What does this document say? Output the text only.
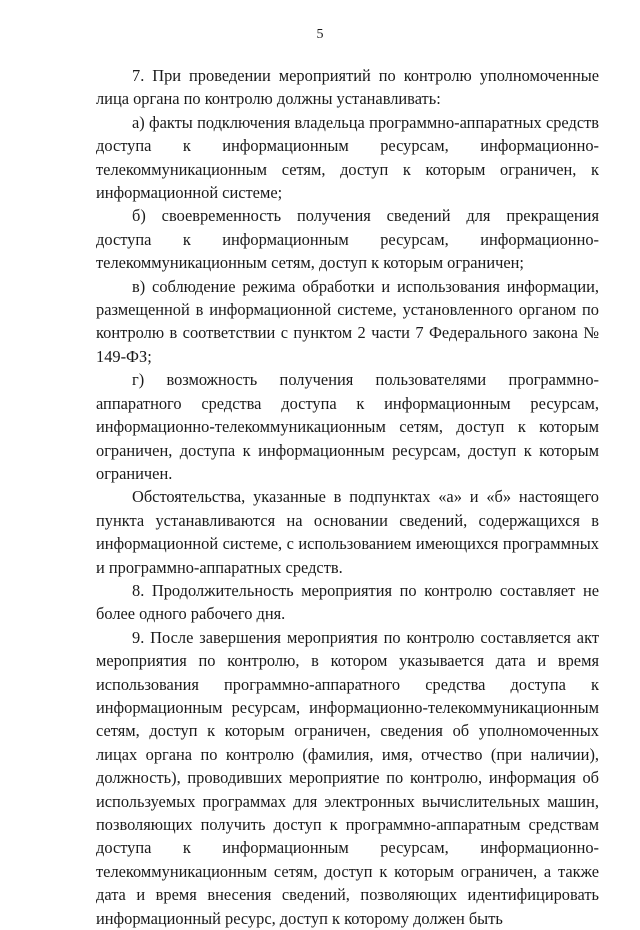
5

7. При проведении мероприятий по контролю уполномоченные лица органа по контролю должны устанавливать:

а) факты подключения владельца программно-аппаратных средств доступа к информационным ресурсам, информационно-телекоммуникационным сетям, доступ к которым ограничен, к информационной системе;

б) своевременность получения сведений для прекращения доступа к информационным ресурсам, информационно-телекоммуникационным сетям, доступ к которым ограничен;

в) соблюдение режима обработки и использования информации, размещенной в информационной системе, установленного органом по контролю в соответствии с пунктом 2 части 7 Федерального закона № 149-ФЗ;

г) возможность получения пользователями программно-аппаратного средства доступа к информационным ресурсам, информационно-телекоммуникационным сетям, доступ к которым ограничен, доступа к информационным ресурсам, доступ к которым ограничен.

Обстоятельства, указанные в подпунктах «а» и «б» настоящего пункта устанавливаются на основании сведений, содержащихся в информационной системе, с использованием имеющихся программных и программно-аппаратных средств.

8. Продолжительность мероприятия по контролю составляет не более одного рабочего дня.

9. После завершения мероприятия по контролю составляется акт мероприятия по контролю, в котором указывается дата и время использования программно-аппаратного средства доступа к информационным ресурсам, информационно-телекоммуникационным сетям, доступ к которым ограничен, сведения об уполномоченных лицах органа по контролю (фамилия, имя, отчество (при наличии), должность), проводивших мероприятие по контролю, информация об используемых программах для электронных вычислительных машин, позволяющих получить доступ к программно-аппаратным средствам доступа к информационным ресурсам, информационно-телекоммуникационным сетям, доступ к которым ограничен, а также дата и время внесения сведений, позволяющих идентифицировать информационный ресурс, доступ к которому должен быть
